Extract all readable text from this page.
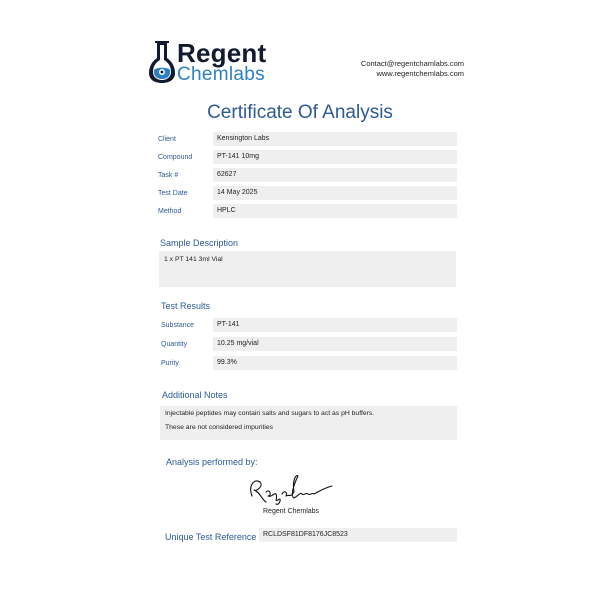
Regent
Chemlabs
Contact@regentchamlabs.com
www.regentchemlabs.com
Certificate Of Analysis
Client	Kensington Labs
Compound	PT-141 10mg
Task #	62627
Test Date	14 May 2025
Method	HPLC
Sample Description
1 x PT 141 3ml Vial
Test Results
Substance	PT-141
Quantity	10.25 mg/vial
Purity	99.3%
Additional Notes
Injectable peptides may contain salts and sugars to act as pH buffers.
These are not considered impurities
Analysis performed by:
Regent Chemlabs
Unique Test Reference RCLDSF81DF8176JC8523
